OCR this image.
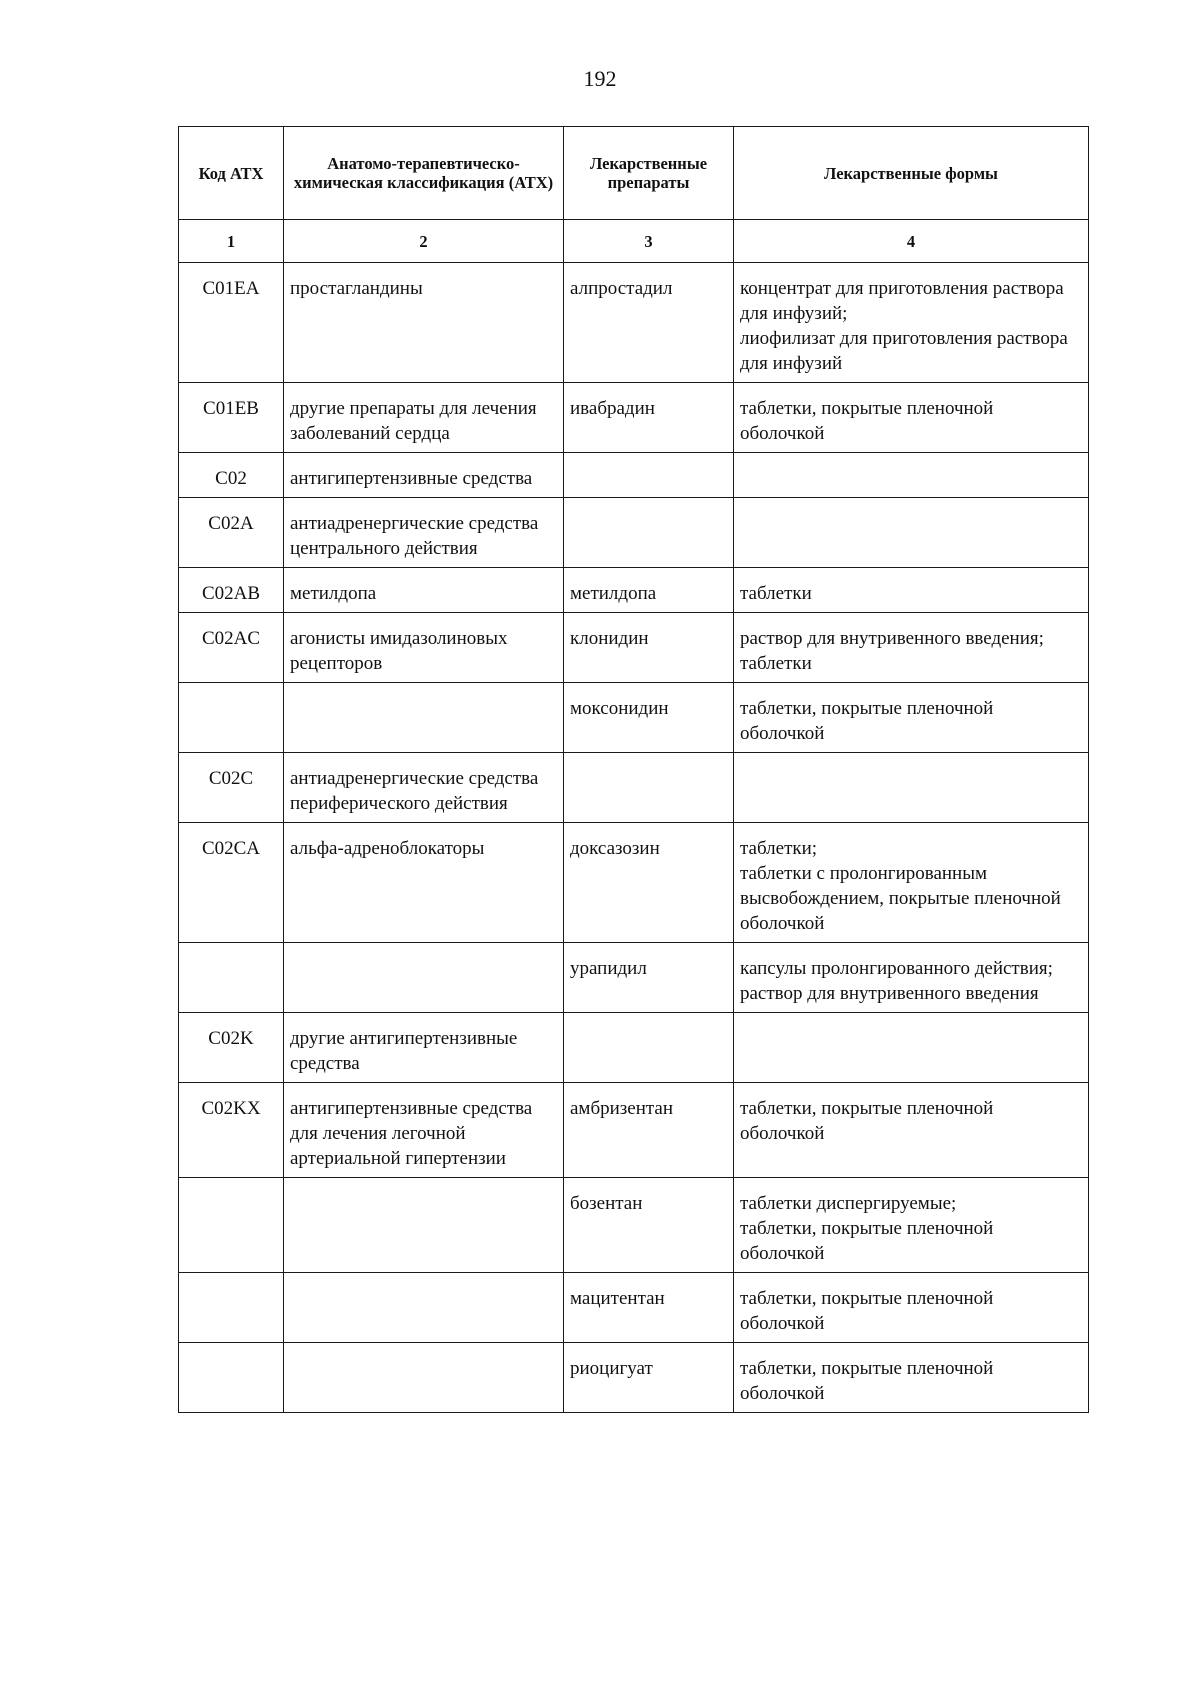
192
Код АТХ	Анатомо-терапевтическо-химическая классификация (АТХ)	Лекарственные препараты	Лекарственные формы
1	2	3	4
C01EA	простагландины	алпростадил	концентрат для приготовления раствора для инфузий;
лиофилизат для приготовления раствора для инфузий

C01EB	другие препараты для лечения заболеваний сердца	ивабрадин	таблетки, покрытые пленочной оболочкой

C02	антигипертензивные средства		
C02A	антиадренергические средства центрального действия		
C02AB	метилдопа	метилдопа	таблетки

C02AC	агонисты имидазолиновых рецепторов	клонидин	раствор для внутривенного введения;
таблетки

		моксонидин	таблетки, покрытые пленочной оболочкой

C02C	антиадренергические средства периферического действия		
C02CA	альфа-адреноблокаторы	доксазозин	таблетки;
таблетки с пролонгированным высвобождением, покрытые пленочной оболочкой

		урапидил	капсулы пролонгированного действия;
раствор для внутривенного введения

C02K	другие антигипертензивные средства		
C02KX	антигипертензивные средства для лечения легочной артериальной гипертензии	амбризентан	таблетки, покрытые пленочной оболочкой

		бозентан	таблетки диспергируемые;
таблетки, покрытые пленочной оболочкой

		мацитентан	таблетки, покрытые пленочной оболочкой

		риоцигуат	таблетки, покрытые пленочной оболочкой
